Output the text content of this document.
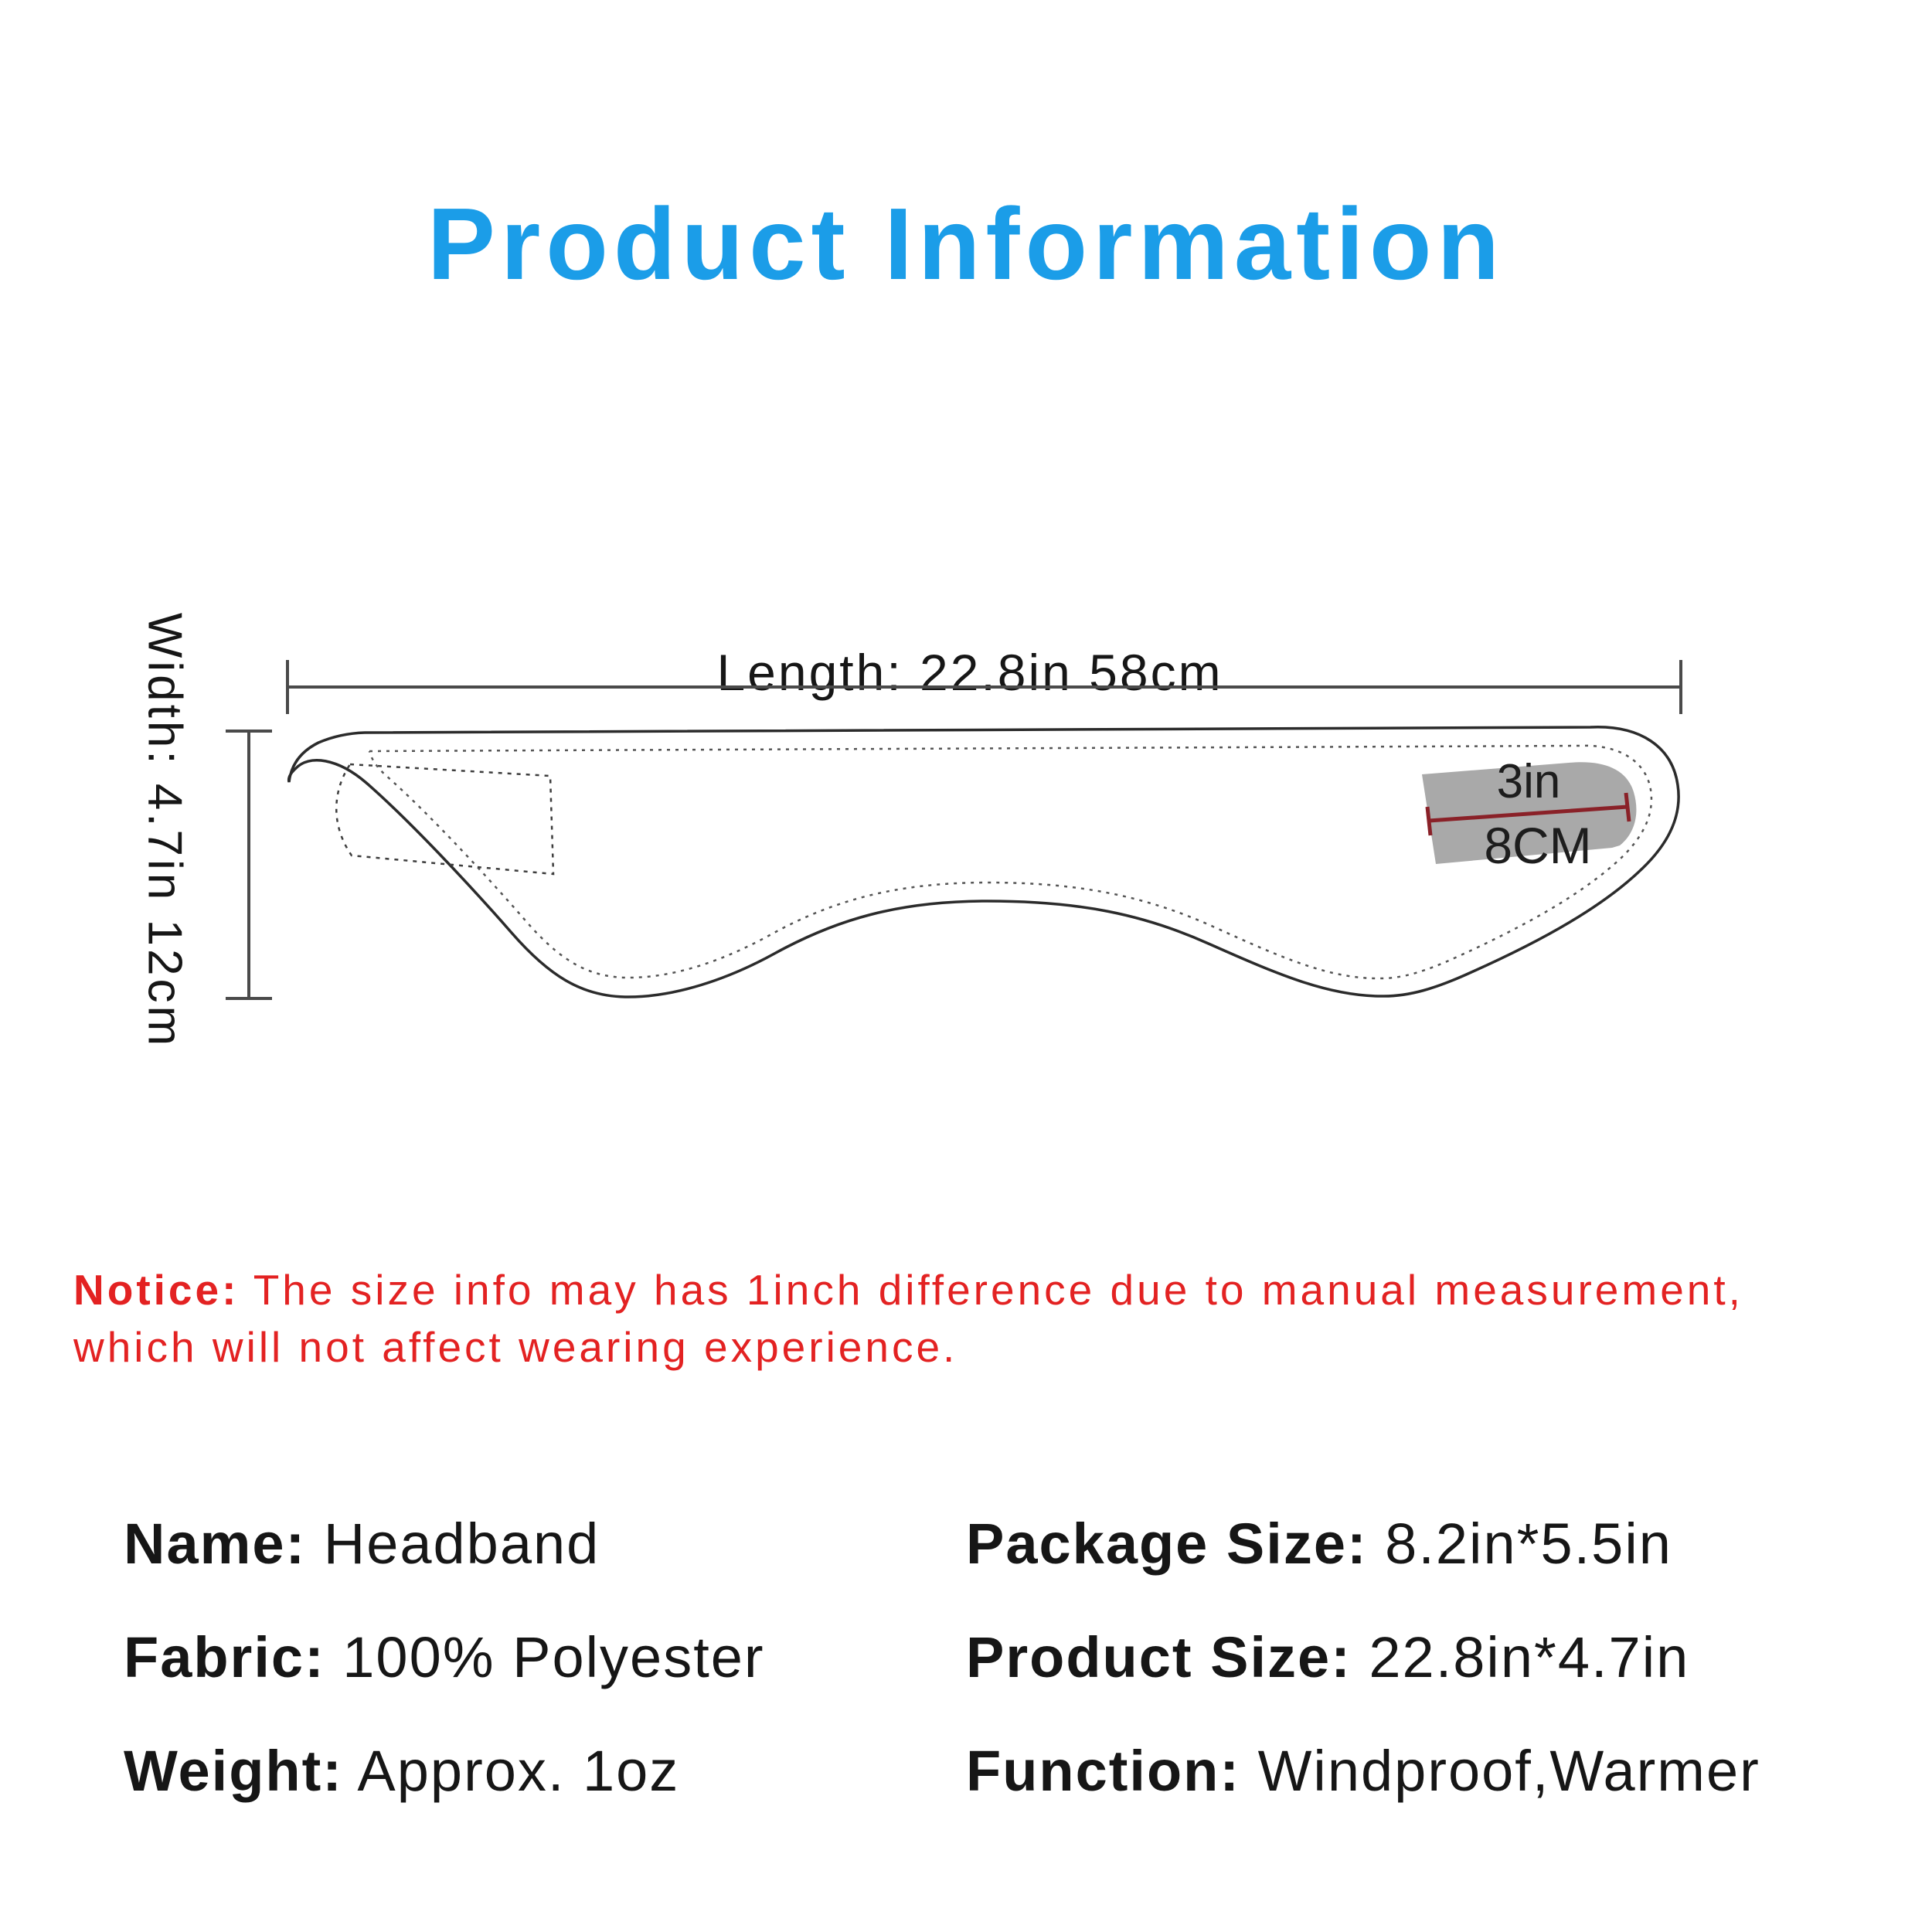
Product Information
Length: 22.8in 58cm
Width: 4.7in 12cm	3in
8CM
Notice: The size info may has 1inch difference due to manual measurement,
which will not affect wearing experience.
Name: Headband
Fabric: 100% Polyester
Weight: Approx. 1oz
Package Size: 8.2in*5.5in
Product Size: 22.8in*4.7in
Function: Windproof,Warmer
